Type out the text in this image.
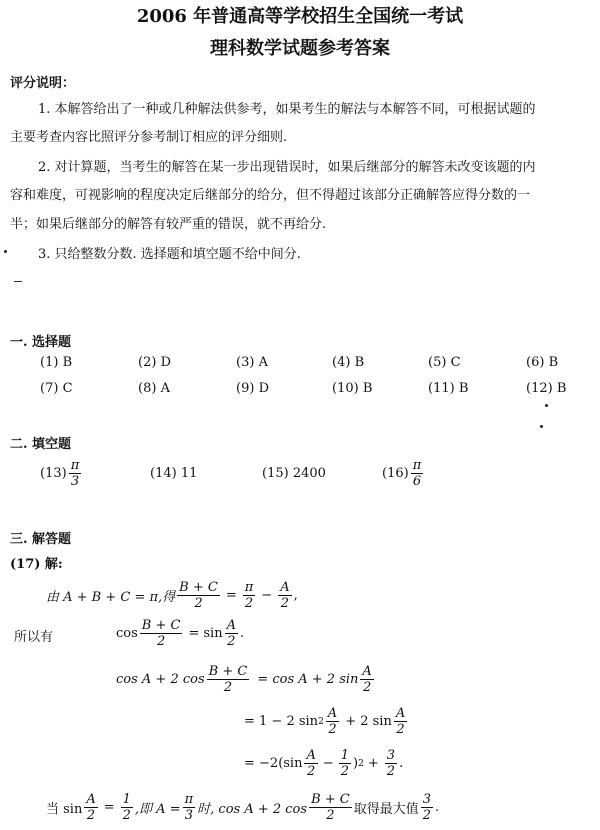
2006 年普通高等学校招生全国统一考试
理科数学试题参考答案
评分说明：
1. 本解答给出了一种或几种解法供参考，如果考生的解法与本解答不同，可根据试题的
主要考查内容比照评分参考制订相应的评分细则.
2. 对计算题，当考生的解答在某一步出现错误时，如果后继部分的解答未改变该题的内
容和难度，可视影响的程度决定后继部分的给分，但不得超过该部分正确解答应得分数的一
半；如果后继部分的解答有较严重的错误，就不再给分.
3. 只给整数分数. 选择题和填空题不给中间分.
一. 选择题
(1) B	(2) D	(3) A	(4) B	(5) C	(6) B
(7) C	(8) A	(9) D	(10) B	(11) B	(12) B
二. 填空题
$(13) \frac{\pi}{3}$	(14) 11	(15) 2400	$(16) \frac{\pi}{6}$
三. 解答题
(17) 解:
由 A + B + C = π,得 $\frac{B + C}{2} = \frac{\pi}{2} - \frac{A}{2}$ ,
所以有	$\cos \frac{B + C}{2} = \sin \frac{A}{2}$ .
cos A + 2 $\cos \frac{B + C}{2} = \cos A + 2$ $\sin \frac{A}{2}$
= 1 − 2 $\sin 2 \frac{A}{2} + 2$ $\sin \frac{A}{2}$
= $-2(\sin \frac{A}{2} - \frac{1}{2}$ ) $2 + \frac{3}{2}$ .
当 $\sin \frac{A}{2} = \frac{1}{2}$ ,即 $A = \frac{\pi}{3}$ 时, cos A + 2 $\cos \frac{B + C}{2}$ 取得最大值 $\frac{3}{2}$ .
